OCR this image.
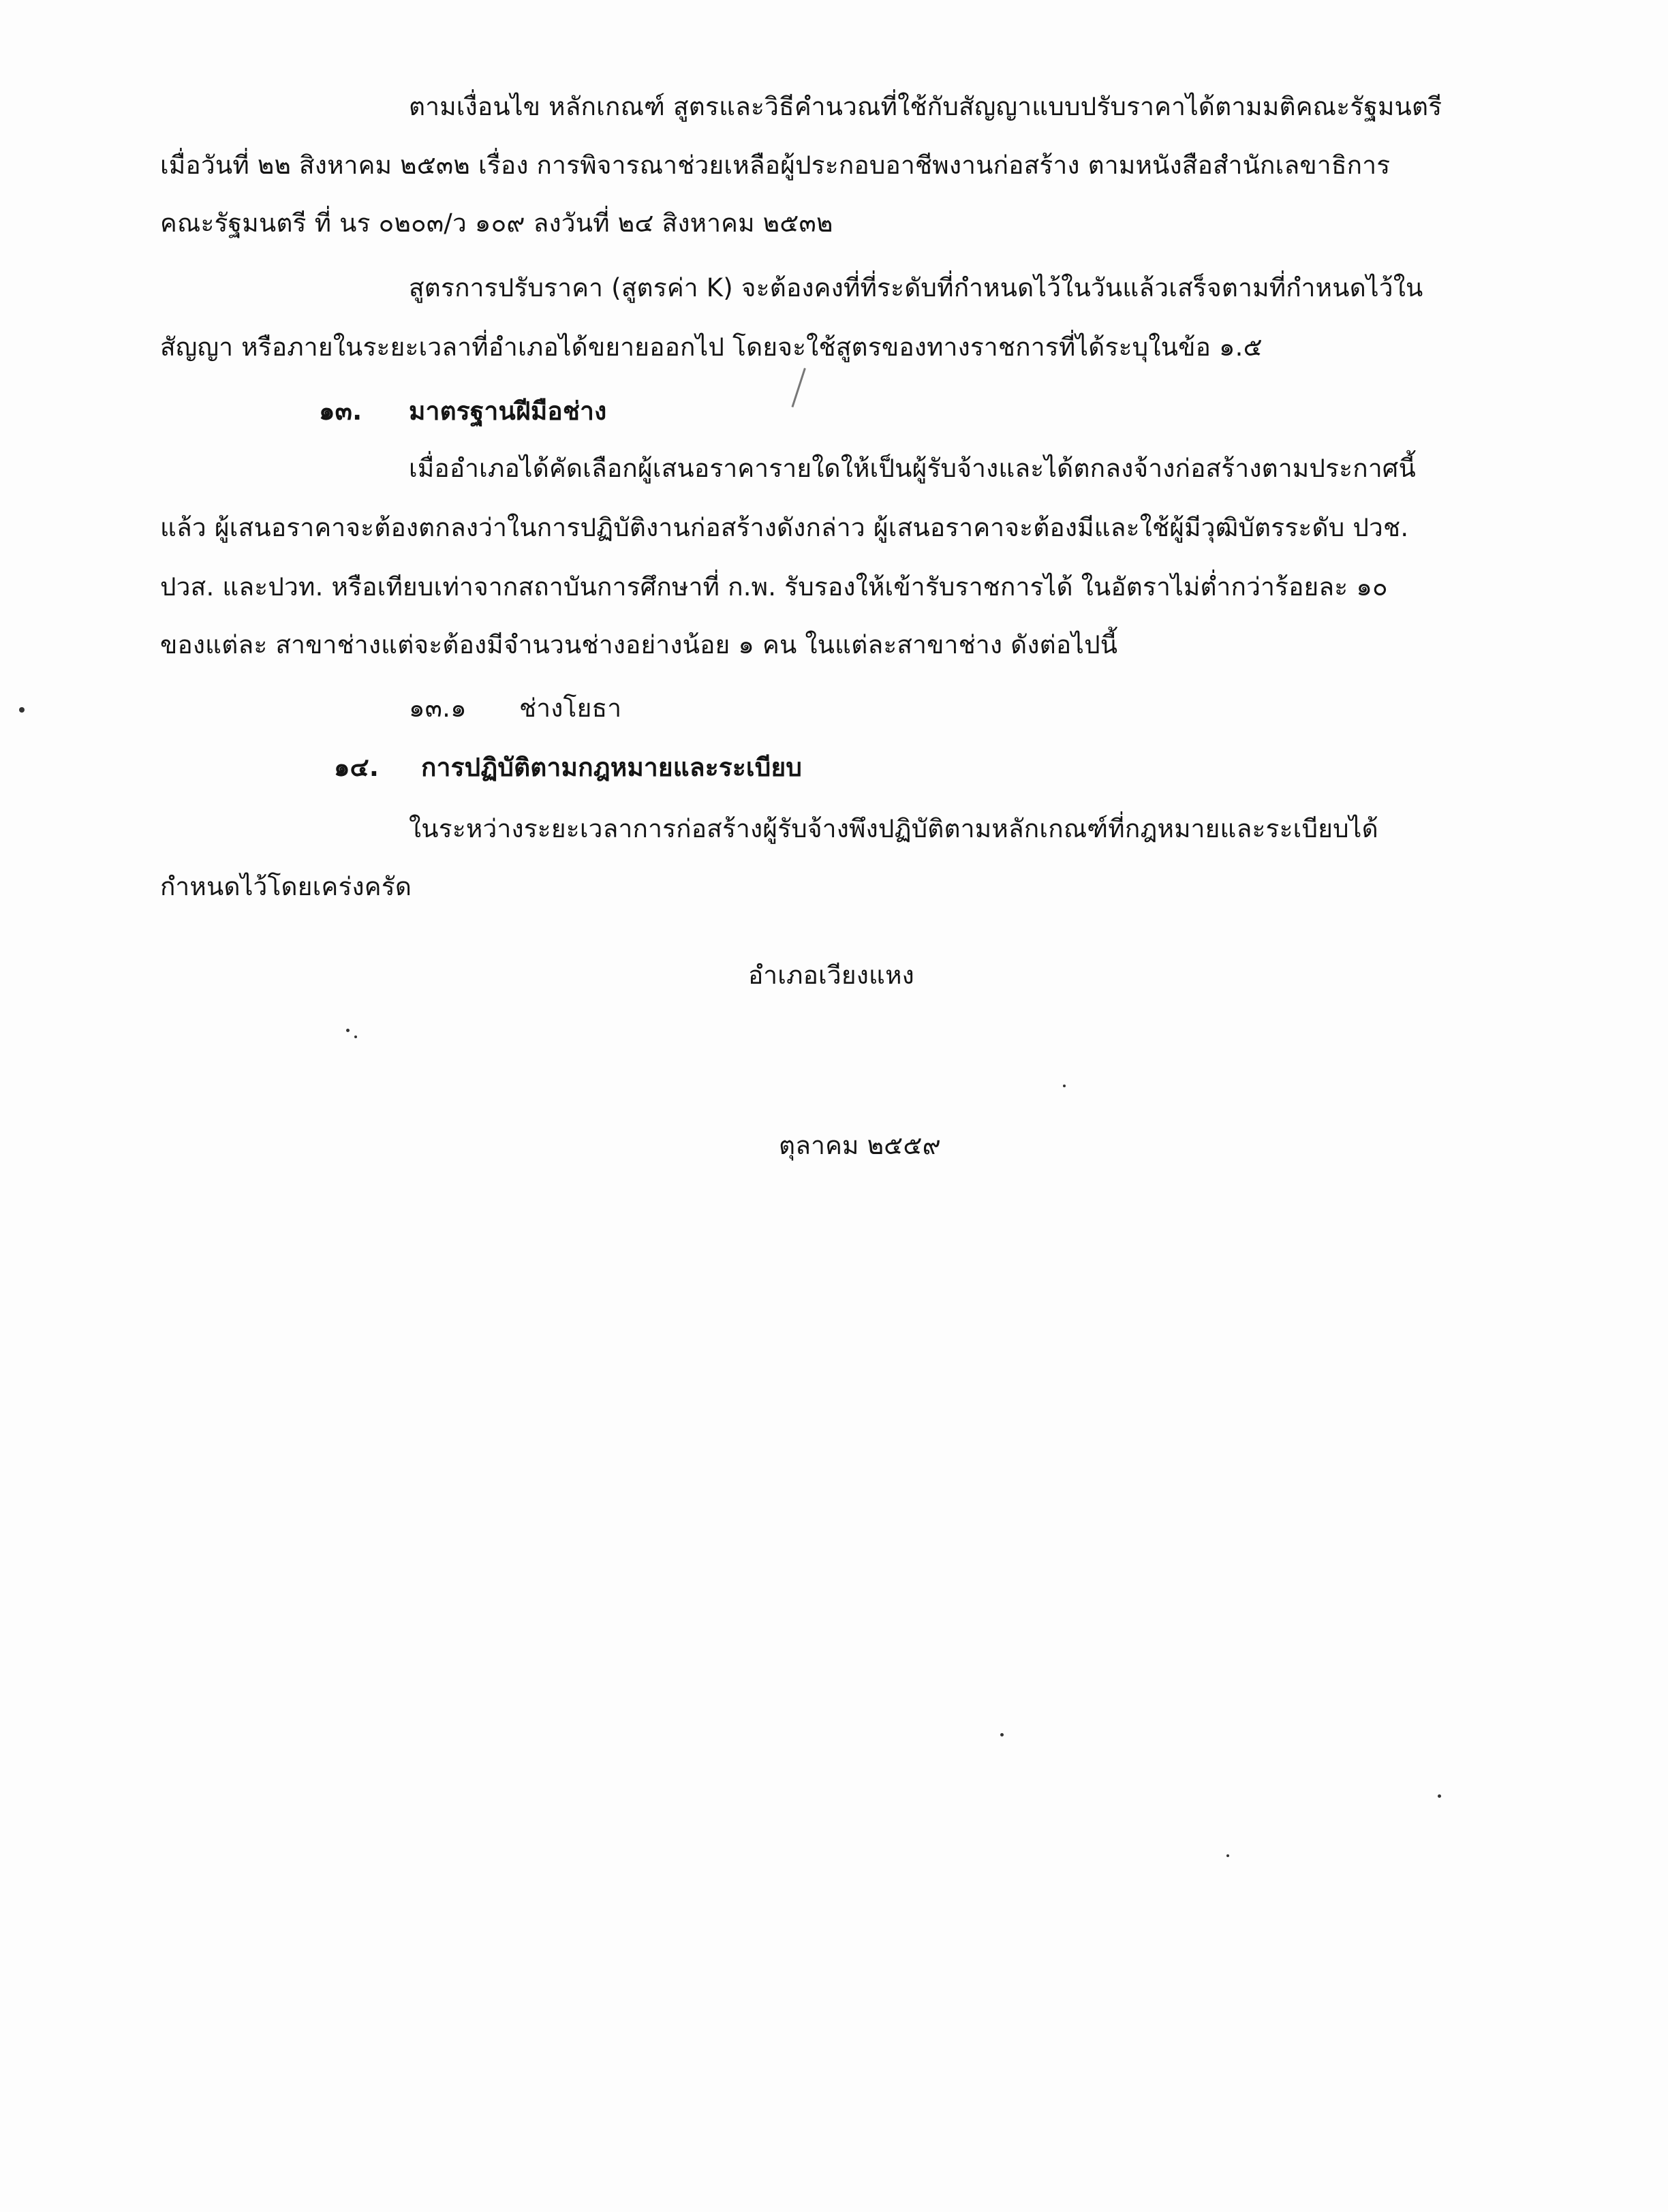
ตามเงื่อนไข หลักเกณฑ์ สูตรและวิธีคำนวณที่ใช้กับสัญญาแบบปรับราคาได้ตามมติคณะรัฐมนตรี
เมื่อวันที่ ๒๒ สิงหาคม ๒๕๓๒ เรื่อง การพิจารณาช่วยเหลือผู้ประกอบอาชีพงานก่อสร้าง ตามหนังสือสำนักเลขาธิการ
คณะรัฐมนตรี ที่ นร ๐๒๐๓/ว ๑๐๙ ลงวันที่ ๒๔ สิงหาคม ๒๕๓๒
สูตรการปรับราคา (สูตรค่า K) จะต้องคงที่ที่ระดับที่กำหนดไว้ในวันแล้วเสร็จตามที่กำหนดไว้ใน
สัญญา หรือภายในระยะเวลาที่อำเภอได้ขยายออกไป โดยจะใช้สูตรของทางราชการที่ได้ระบุในข้อ ๑.๕
๑๓. มาตรฐานฝีมือช่าง
เมื่ออำเภอได้คัดเลือกผู้เสนอราคารายใดให้เป็นผู้รับจ้างและได้ตกลงจ้างก่อสร้างตามประกาศนี้
แล้ว ผู้เสนอราคาจะต้องตกลงว่าในการปฏิบัติงานก่อสร้างดังกล่าว ผู้เสนอราคาจะต้องมีและใช้ผู้มีวุฒิบัตรระดับ ปวช.
ปวส. และปวท. หรือเทียบเท่าจากสถาบันการศึกษาที่ ก.พ. รับรองให้เข้ารับราชการได้ ในอัตราไม่ต่ำกว่าร้อยละ ๑๐
ของแต่ละ สาขาช่างแต่จะต้องมีจำนวนช่างอย่างน้อย ๑ คน ในแต่ละสาขาช่าง ดังต่อไปนี้
๑๓.๑ ช่างโยธา
๑๔. การปฏิบัติตามกฎหมายและระเบียบ
ในระหว่างระยะเวลาการก่อสร้างผู้รับจ้างพึงปฏิบัติตามหลักเกณฑ์ที่กฎหมายและระเบียบได้
กำหนดไว้โดยเคร่งครัด
อำเภอเวียงแหง
ตุลาคม ๒๕๕๙
